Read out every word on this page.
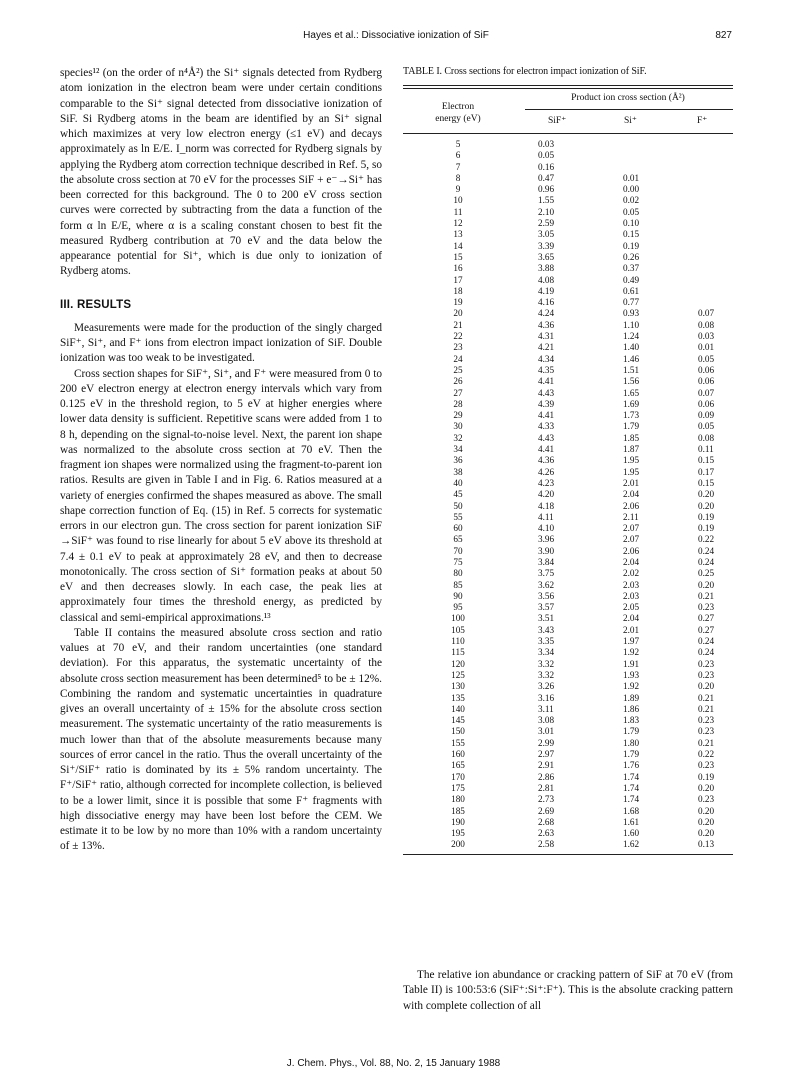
Hayes et al.: Dissociative ionization of SiF	827

species¹² (on the order of n⁴Å²) the Si⁺ signals detected from Rydberg atom ionization in the electron beam were under certain conditions comparable to the Si⁺ signal detected from dissociative ionization of SiF. Si Rydberg atoms in the beam are identified by an Si⁺ signal which maximizes at very low electron energy (≤1 eV) and decays approximately as ln E/E. I_norm was corrected for Rydberg signals by applying the Rydberg atom correction technique described in Ref. 5, so the absolute cross section at 70 eV for the processes SiF + e⁻→Si⁺ has been corrected for this background. The 0 to 200 eV cross section curves were corrected by subtracting from the data a function of the form α ln E/E, where α is a scaling constant chosen to best fit the measured Rydberg contribution at 70 eV and the data below the appearance potential for Si⁺, which is due only to ionization of Rydberg atoms.

III. RESULTS

Measurements were made for the production of the singly charged SiF⁺, Si⁺, and F⁺ ions from electron impact ionization of SiF. Double ionization was too weak to be investigated.

Cross section shapes for SiF⁺, Si⁺, and F⁺ were measured from 0 to 200 eV electron energy at electron energy intervals which vary from 0.125 eV in the threshold region, to 5 eV at higher energies where lower data density is sufficient. Repetitive scans were added from 1 to 8 h, depending on the signal-to-noise level. Next, the parent ion shape was normalized to the absolute cross section at 70 eV. Then the fragment ion shapes were normalized using the fragment-to-parent ion ratios. Results are given in Table I and in Fig. 6. Ratios measured at a variety of energies confirmed the shapes measured as above. The small shape correction function of Eq. (15) in Ref. 5 corrects for systematic errors in our electron gun. The cross section for parent ionization SiF →SiF⁺ was found to rise linearly for about 5 eV above its threshold at 7.4 ± 0.1 eV to peak at approximately 28 eV, and then to decrease monotonically. The cross section of Si⁺ formation peaks at about 50 eV and then decreases slowly. In each case, the peak lies at approximately four times the threshold energy, as predicted by classical and semi-empirical approximations.¹³

Table II contains the measured absolute cross section and ratio values at 70 eV, and their random uncertainties (one standard deviation). For this apparatus, the systematic uncertainty of the absolute cross section measurement has been determined⁵ to be ± 12%. Combining the random and systematic uncertainties in quadrature gives an overall uncertainty of ± 15% for the absolute cross section measurement. The systematic uncertainty of the ratio measurements is much lower than that of the absolute measurements because many sources of error cancel in the ratio. Thus the overall uncertainty of the Si⁺/SiF⁺ ratio is dominated by its ± 5% random uncertainty. The F⁺/SiF⁺ ratio, although corrected for incomplete collection, is believed to be a lower limit, since it is possible that some F⁺ fragments with high dissociative energy may have been lost before the CEM. We estimate it to be low by no more than 10% with a random uncertainty of ± 13%.

TABLE I. Cross sections for electron impact ionization of SiF.
Electron
energy (eV)
Product ion cross section (Å²)
SiF⁺	Si⁺	F⁺
5	0.03		
6	0.05		
7	0.16		
8	0.47	0.01	
9	0.96	0.00	
10	1.55	0.02	
11	2.10	0.05	
12	2.59	0.10	
13	3.05	0.15	
14	3.39	0.19	
15	3.65	0.26	
16	3.88	0.37	
17	4.08	0.49	
18	4.19	0.61	
19	4.16	0.77	
20	4.24	0.93	0.07
21	4.36	1.10	0.08
22	4.31	1.24	0.03
23	4.21	1.40	0.01
24	4.34	1.46	0.05
25	4.35	1.51	0.06
26	4.41	1.56	0.06
27	4.43	1.65	0.07
28	4.39	1.69	0.06
29	4.41	1.73	0.09
30	4.33	1.79	0.05
32	4.43	1.85	0.08
34	4.41	1.87	0.11
36	4.36	1.95	0.15
38	4.26	1.95	0.17
40	4.23	2.01	0.15
45	4.20	2.04	0.20
50	4.18	2.06	0.20
55	4.11	2.11	0.19
60	4.10	2.07	0.19
65	3.96	2.07	0.22
70	3.90	2.06	0.24
75	3.84	2.04	0.24
80	3.75	2.02	0.25
85	3.62	2.03	0.20
90	3.56	2.03	0.21
95	3.57	2.05	0.23
100	3.51	2.04	0.27
105	3.43	2.01	0.27
110	3.35	1.97	0.24
115	3.34	1.92	0.24
120	3.32	1.91	0.23
125	3.32	1.93	0.23
130	3.26	1.92	0.20
135	3.16	1.89	0.21
140	3.11	1.86	0.21
145	3.08	1.83	0.23
150	3.01	1.79	0.23
155	2.99	1.80	0.21
160	2.97	1.79	0.22
165	2.91	1.76	0.23
170	2.86	1.74	0.19
175	2.81	1.74	0.20
180	2.73	1.74	0.23
185	2.69	1.68	0.20
190	2.68	1.61	0.20
195	2.63	1.60	0.20
200	2.58	1.62	0.13

The relative ion abundance or cracking pattern of SiF at 70 eV (from Table II) is 100:53:6 (SiF⁺:Si⁺:F⁺). This is the absolute cracking pattern with complete collection of all

J. Chem. Phys., Vol. 88, No. 2, 15 January 1988
